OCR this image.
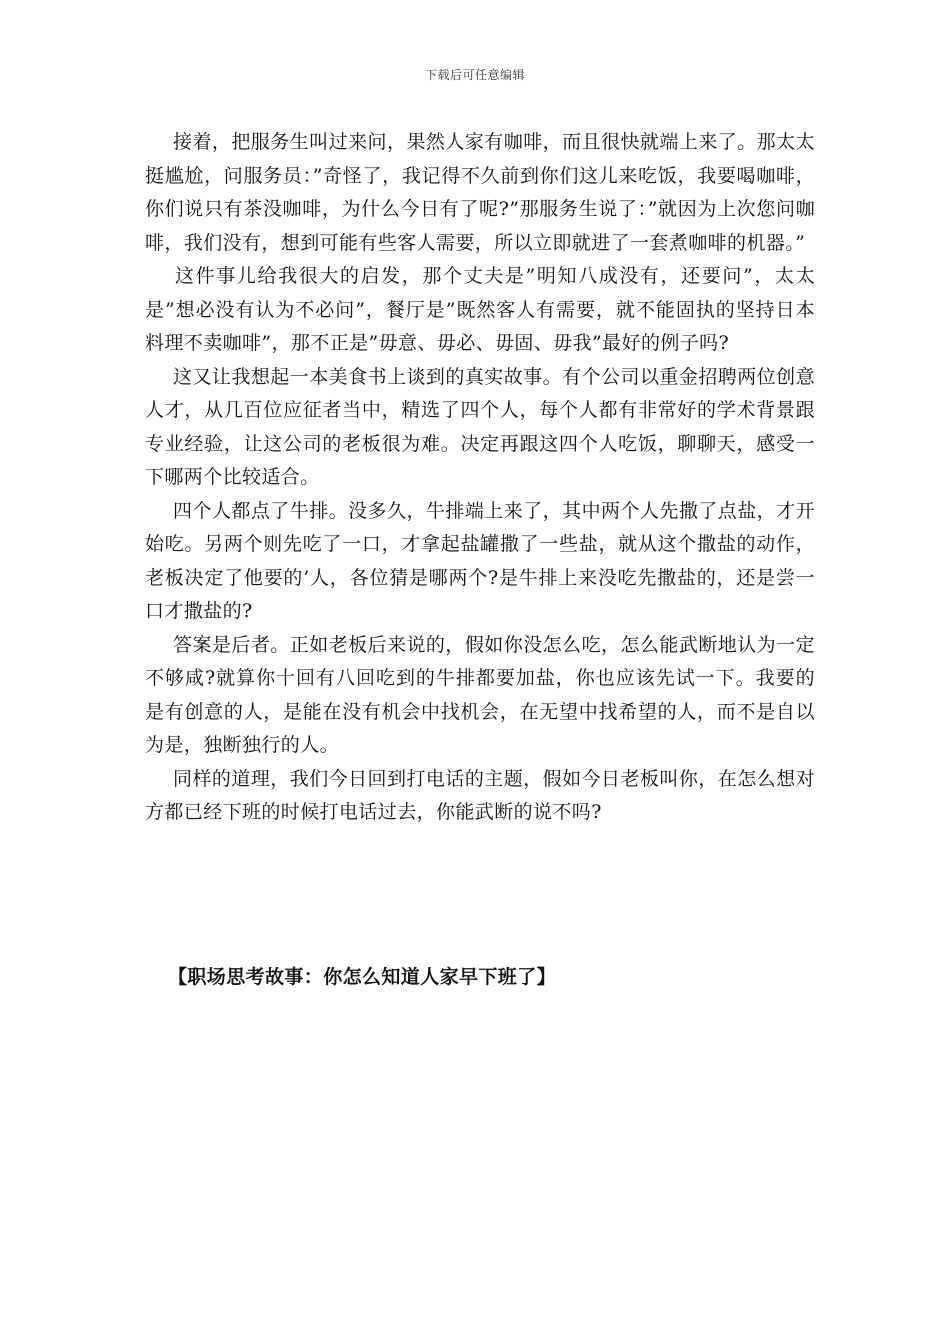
下载后可任意编辑

接着，把服务生叫过来问，果然人家有咖啡，而且很快就端上来了。那太太挺尴尬，问服务员：”奇怪了，我记得不久前到你们这儿来吃饭，我要喝咖啡，你们说只有茶没咖啡，为什么今日有了呢?”那服务生说了：”就因为上次您问咖啡，我们没有，想到可能有些客人需要，所以立即就进了一套煮咖啡的机器。”

这件事儿给我很大的启发，那个丈夫是”明知八成没有，还要问”，太太是”想必没有认为不必问”，餐厅是”既然客人有需要，就不能固执的坚持日本料理不卖咖啡”，那不正是”毋意、毋必、毋固、毋我”最好的例子吗?

这又让我想起一本美食书上谈到的真实故事。有个公司以重金招聘两位创意人才，从几百位应征者当中，精选了四个人，每个人都有非常好的学术背景跟专业经验，让这公司的老板很为难。决定再跟这四个人吃饭，聊聊天，感受一下哪两个比较适合。

四个人都点了牛排。没多久，牛排端上来了，其中两个人先撒了点盐，才开始吃。另两个则先吃了一口，才拿起盐罐撒了一些盐，就从这个撒盐的动作，老板决定了他要的’人，各位猜是哪两个?是牛排上来没吃先撒盐的，还是尝一口才撒盐的?

答案是后者。正如老板后来说的，假如你没怎么吃，怎么能武断地认为一定不够咸?就算你十回有八回吃到的牛排都要加盐，你也应该先试一下。我要的是有创意的人，是能在没有机会中找机会，在无望中找希望的人，而不是自以为是，独断独行的人。

同样的道理，我们今日回到打电话的主题，假如今日老板叫你，在怎么想对方都已经下班的时候打电话过去，你能武断的说不吗?

【职场思考故事：你怎么知道人家早下班了】
